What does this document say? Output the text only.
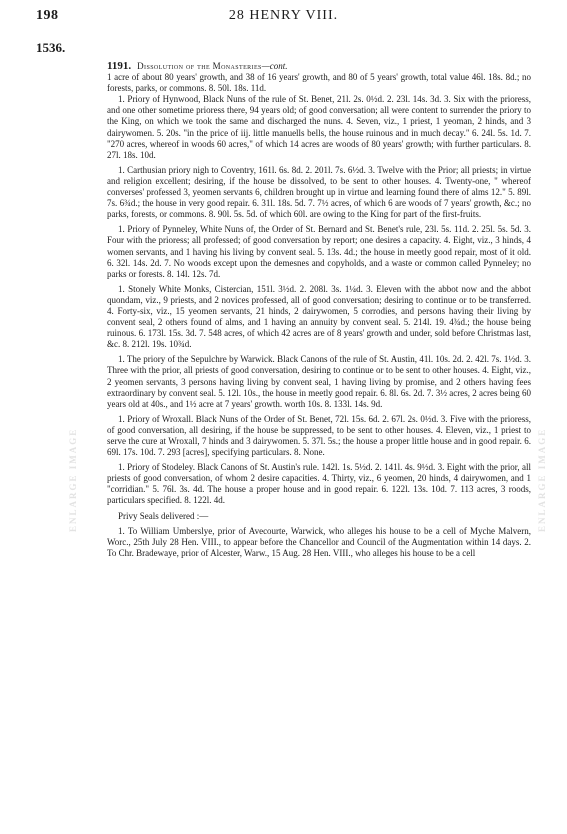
198	28 HENRY VIII.
1536.
ENLARGE IMAGE	ENLARGE IMAGE

1191. Dissolution of the Monasteries—cont.

1 acre of about 80 years' growth, and 38 of 16 years' growth, and 80 of 5 years' growth, total value 46l. 18s. 8d.; no forests, parks, or commons. 8. 50l. 18s. 11d.

1. Priory of Hynwood, Black Nuns of the rule of St. Benet, 21l. 2s. 0½d. 2. 23l. 14s. 3d. 3. Six with the prioress, and one other sometime prioress there, 94 years old; of good conversation; all were content to surrender the priory to the King, on which we took the same and discharged the nuns. 4. Seven, viz., 1 priest, 1 yeoman, 2 hinds, and 3 dairywomen. 5. 20s. "in the price of iij. little manuells bells, the house ruinous and in much decay." 6. 24l. 5s. 1d. 7. "270 acres, whereof in woods 60 acres," of which 14 acres are woods of 80 years' growth; with further particulars. 8. 27l. 18s. 10d.

1. Carthusian priory nigh to Coventry, 161l. 6s. 8d. 2. 201l. 7s. 6½d. 3. Twelve with the Prior; all priests; in virtue and religion excellent; desiring, if the house be dissolved, to be sent to other houses. 4. Twenty-one, " whereof converses' professed 3, yeomen servants 6, children brought up in virtue and learning found there of alms 12." 5. 89l. 7s. 6¾d.; the house in very good repair. 6. 31l. 18s. 5d. 7. 7½ acres, of which 6 are woods of 7 years' growth, &c.; no parks, forests, or commons. 8. 90l. 5s. 5d. of which 60l. are owing to the King for part of the first-fruits.

1. Priory of Pynneley, White Nuns of, the Order of St. Bernard and St. Benet's rule, 23l. 5s. 11d. 2. 25l. 5s. 5d. 3. Four with the prioress; all professed; of good conversation by report; one desires a capacity. 4. Eight, viz., 3 hinds, 4 women servants, and 1 having his living by convent seal. 5. 13s. 4d.; the house in meetly good repair, most of it old. 6. 32l. 14s. 2d. 7. No woods except upon the demesnes and copyholds, and a waste or common called Pynneley; no parks or forests. 8. 14l. 12s. 7d.

1. Stonely White Monks, Cistercian, 151l. 3½d. 2. 208l. 3s. 1¼d. 3. Eleven with the abbot now and the abbot quondam, viz., 9 priests, and 2 novices professed, all of good conversation; desiring to continue or to be transferred. 4. Forty-six, viz., 15 yeomen servants, 21 hinds, 2 dairywomen, 5 corrodies, and persons having their living by convent seal, 2 others found of alms, and 1 having an annuity by convent seal. 5. 214l. 19. 4¾d.; the house being ruinous. 6. 173l. 15s. 3d. 7. 548 acres, of which 42 acres are of 8 years' growth and under, sold before Christmas last, &c. 8. 212l. 19s. 10¾d.

1. The priory of the Sepulchre by Warwick. Black Canons of the rule of St. Austin, 41l. 10s. 2d. 2. 42l. 7s. 1½d. 3. Three with the prior, all priests of good conversation, desiring to continue or to be sent to other houses. 4. Eight, viz., 2 yeomen servants, 3 persons having living by convent seal, 1 having living by promise, and 2 others having fees extraordinary by convent seal. 5. 12l. 10s., the house in meetly good repair. 6. 8l. 6s. 2d. 7. 3½ acres, 2 acres being 60 years old at 40s., and 1½ acre at 7 years' growth. worth 10s. 8. 133l. 14s. 9d.

1. Priory of Wroxall. Black Nuns of the Order of St. Benet, 72l. 15s. 6d. 2. 67l. 2s. 0½d. 3. Five with the prioress, of good conversation, all desiring, if the house be suppressed, to be sent to other houses. 4. Eleven, viz., 1 priest to serve the cure at Wroxall, 7 hinds and 3 dairywomen. 5. 37l. 5s.; the house a proper little house and in good repair. 6. 69l. 17s. 10d. 7. 293 [acres], specifying particulars. 8. None.

1. Priory of Stodeley. Black Canons of St. Austin's rule. 142l. 1s. 5½d. 2. 141l. 4s. 9½d. 3. Eight with the prior, all priests of good conversation, of whom 2 desire capacities. 4. Thirty, viz., 6 yeomen, 20 hinds, 4 dairywomen, and 1 "corridian." 5. 76l. 3s. 4d. The house a proper house and in good repair. 6. 122l. 13s. 10d. 7. 113 acres, 3 roods, particulars specified. 8. 122l. 4d.

Privy Seals delivered :—

1. To William Umberslye, prior of Avecourte, Warwick, who alleges his house to be a cell of Myche Malvern, Worc., 25th July 28 Hen. VIII., to appear before the Chancellor and Council of the Augmentation within 14 days. 2. To Chr. Bradewaye, prior of Alcester, Warw., 15 Aug. 28 Hen. VIII., who alleges his house to be a cell
